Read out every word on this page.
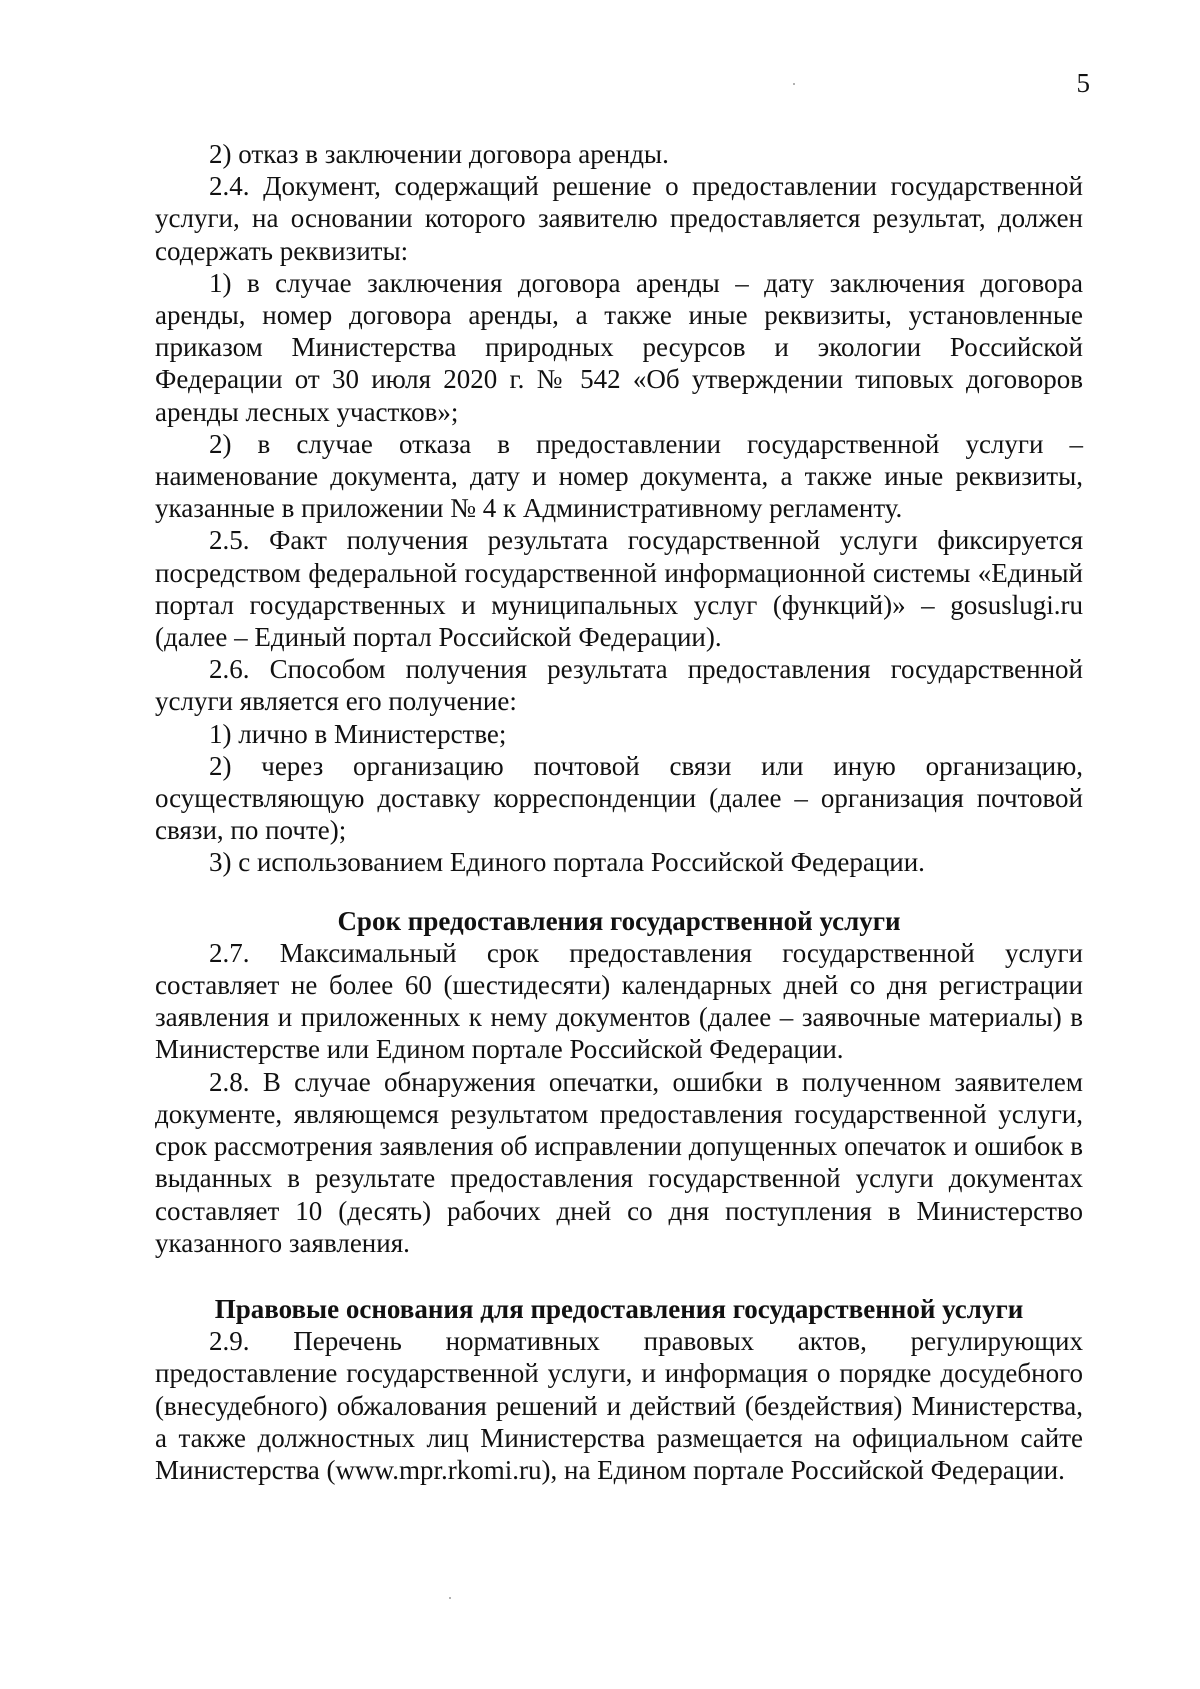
5

2) отказ в заключении договора аренды.

2.4. Документ, содержащий решение о предоставлении государственной услуги, на основании которого заявителю предоставляется результат, должен содержать реквизиты:

1) в случае заключения договора аренды – дату заключения договора аренды, номер договора аренды, а также иные реквизиты, установленные приказом Министерства природных ресурсов и экологии Российской Федерации от 30 июля 2020 г. № 542 «Об утверждении типовых договоров аренды лесных участков»;

2) в случае отказа в предоставлении государственной услуги – наименование документа, дату и номер документа, а также иные реквизиты, указанные в приложении № 4 к Административному регламенту.

2.5. Факт получения результата государственной услуги фиксируется посредством федеральной государственной информационной системы «Единый портал государственных и муниципальных услуг (функций)» – gosuslugi.ru (далее – Единый портал Российской Федерации).

2.6. Способом получения результата предоставления государственной услуги является его получение:

1) лично в Министерстве;

2) через организацию почтовой связи или иную организацию, осуществляющую доставку корреспонденции (далее – организация почтовой связи, по почте);

3) с использованием Единого портала Российской Федерации.

Срок предоставления государственной услуги

2.7. Максимальный срок предоставления государственной услуги составляет не более 60 (шестидесяти) календарных дней со дня регистрации заявления и приложенных к нему документов (далее – заявочные материалы) в Министерстве или Едином портале Российской Федерации.

2.8. В случае обнаружения опечатки, ошибки в полученном заявителем документе, являющемся результатом предоставления государственной услуги, срок рассмотрения заявления об исправлении допущенных опечаток и ошибок в выданных в результате предоставления государственной услуги документах составляет 10 (десять) рабочих дней со дня поступления в Министерство указанного заявления.

Правовые основания для предоставления государственной услуги

2.9. Перечень нормативных правовых актов, регулирующих предоставление государственной услуги, и информация о порядке досудебного (внесудебного) обжалования решений и действий (бездействия) Министерства, а также должностных лиц Министерства размещается на официальном сайте Министерства (www.mpr.rkomi.ru), на Едином портале Российской Федерации.
